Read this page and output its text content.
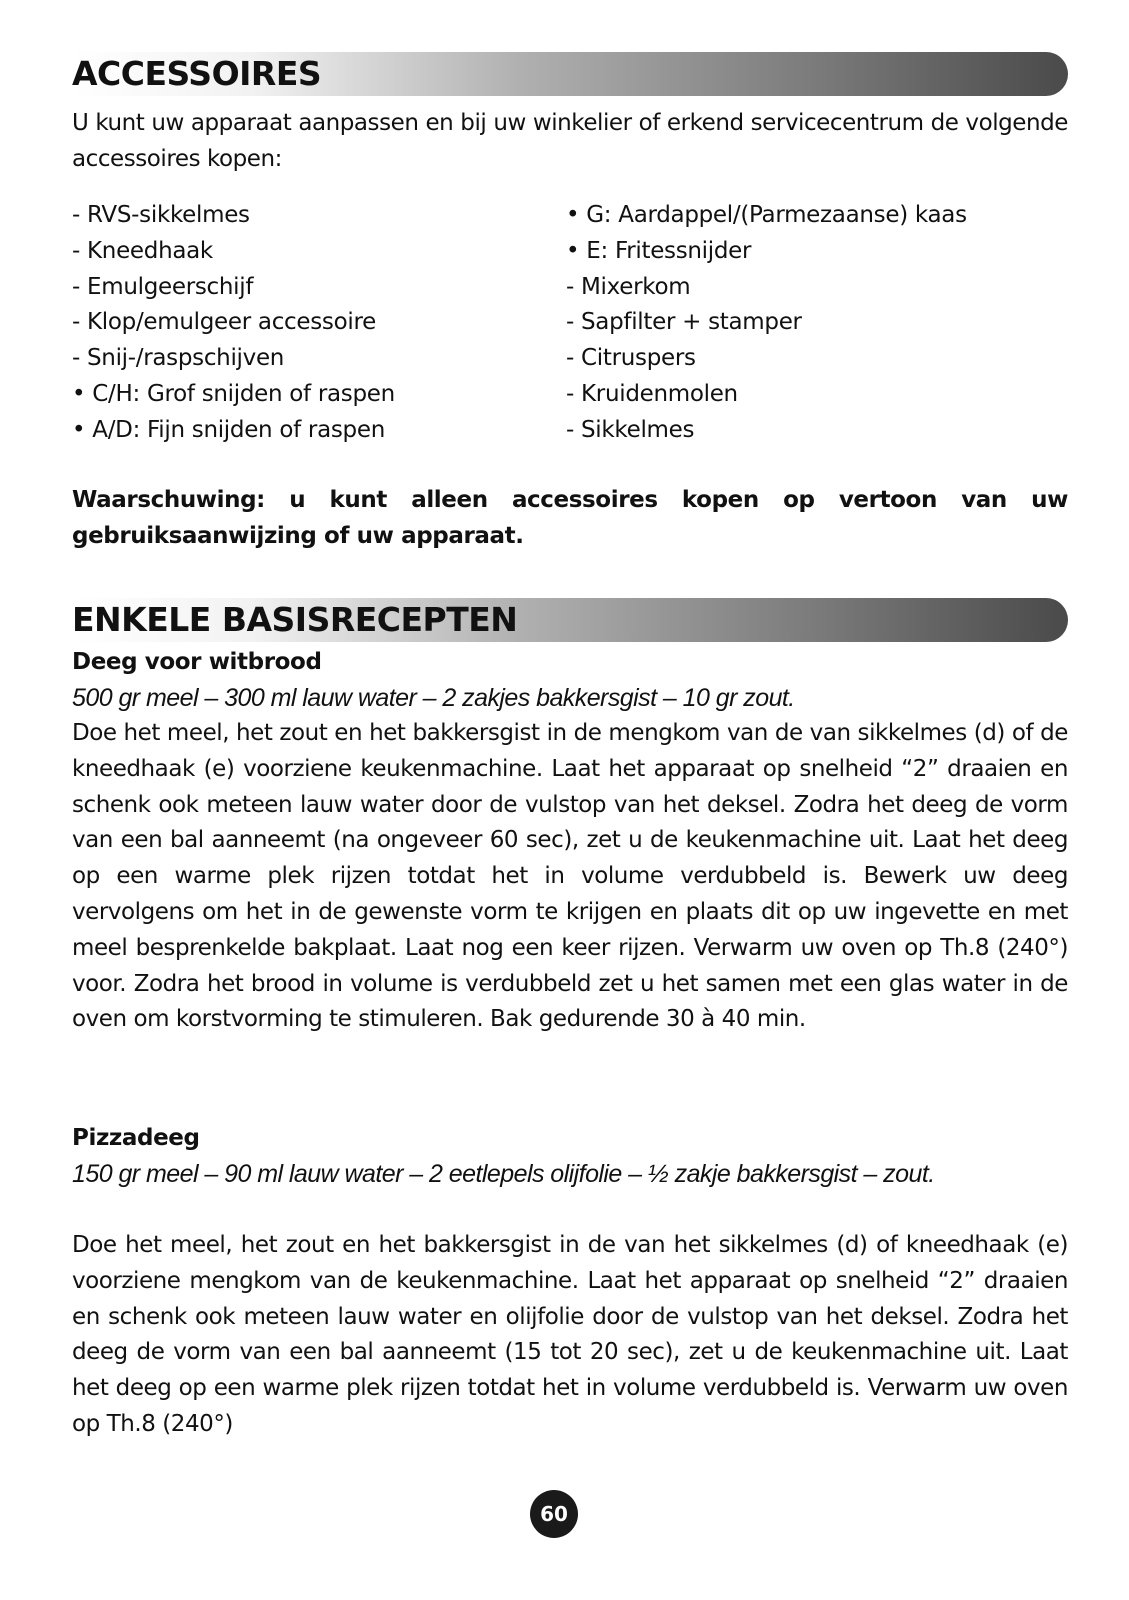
ACCESSOIRES

U kunt uw apparaat aanpassen en bij uw winkelier of erkend servicecentrum de volgende accessoires kopen:

- RVS-sikkelmes
- Kneedhaak
- Emulgeerschijf
- Klop/emulgeer accessoire
- Snij-/raspschijven
• C/H: Grof snijden of raspen
• A/D: Fijn snijden of raspen
• G: Aardappel/(Parmezaanse) kaas
• E: Fritessnijder
- Mixerkom
- Sapfilter + stamper
- Citruspers
- Kruidenmolen
- Sikkelmes

Waarschuwing: u kunt alleen accessoires kopen op vertoon van uw gebruiksaanwijzing of uw apparaat.

ENKELE BASISRECEPTEN

Deeg voor witbrood

500 gr meel – 300 ml lauw water – 2 zakjes bakkersgist – 10 gr zout.

Doe het meel, het zout en het bakkersgist in de mengkom van de van sikkelmes (d) of de kneedhaak (e) voorziene keukenmachine. Laat het apparaat op snelheid “2” draaien en schenk ook meteen lauw water door de vulstop van het deksel. Zodra het deeg de vorm van een bal aanneemt (na ongeveer 60 sec), zet u de keukenmachine uit. Laat het deeg op een warme plek rijzen totdat het in volume verdubbeld is. Bewerk uw deeg vervolgens om het in de gewenste vorm te krijgen en plaats dit op uw ingevette en met meel besprenkelde bakplaat. Laat nog een keer rijzen. Verwarm uw oven op Th.8 (240°) voor. Zodra het brood in volume is verdubbeld zet u het samen met een glas water in de oven om korstvorming te stimuleren. Bak gedurende 30 à 40 min.

Pizzadeeg

150 gr meel – 90 ml lauw water – 2 eetlepels olijfolie – ½ zakje bakkersgist – zout.

Doe het meel, het zout en het bakkersgist in de van het sikkelmes (d) of kneedhaak (e) voorziene mengkom van de keukenmachine. Laat het apparaat op snelheid “2” draaien en schenk ook meteen lauw water en olijfolie door de vulstop van het deksel. Zodra het deeg de vorm van een bal aanneemt (15 tot 20 sec), zet u de keukenmachine uit. Laat het deeg op een warme plek rijzen totdat het in volume verdubbeld is. Verwarm uw oven op Th.8 (240°)

60
